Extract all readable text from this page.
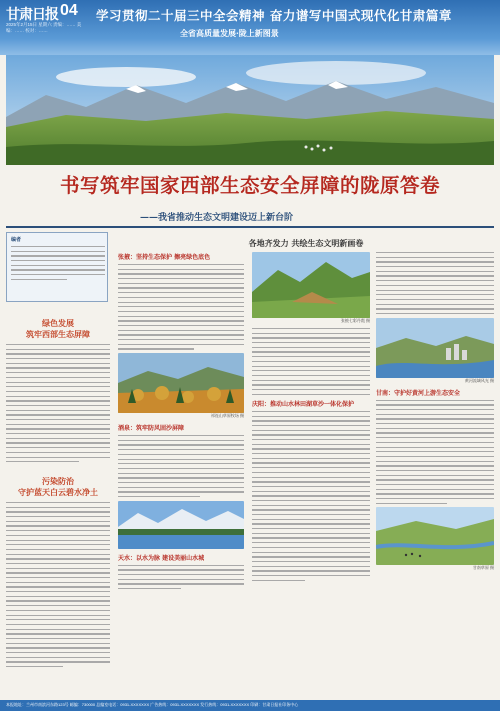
甘肃日报 04
2025年2月15日 星期六 责编：…… 美编：…… 校对：……
学习贯彻二十届三中全会精神 奋力谱写中国式现代化甘肃篇章
全省高质量发展·陇上新图景
书写筑牢国家西部生态安全屏障的陇原答卷
——我省推动生态文明建设迈上新台阶
编者
绿色发展
筑牢西部生态屏障
污染防治
守护蓝天白云碧水净土
各地齐发力 共绘生态文明新画卷
张掖：坚持生态保护 擦亮绿色底色
祁连山草原牧场 摄
酒泉：筑牢防风固沙屏障
天水：以水为脉 建设美丽山水城
张掖七彩丹霞 摄
庆阳：推动山水林田湖草沙一体化保护
黄河流域风光 摄
甘南：守护好黄河上游生态安全
甘南草原 摄
本报地址：兰州市南滨河东路123号 邮编：730000 总编室电话：0931-XXXXXXX 广告热线：0931-XXXXXXX 发行热线：0931-XXXXXXX 印刷：甘肃日报社印务中心
